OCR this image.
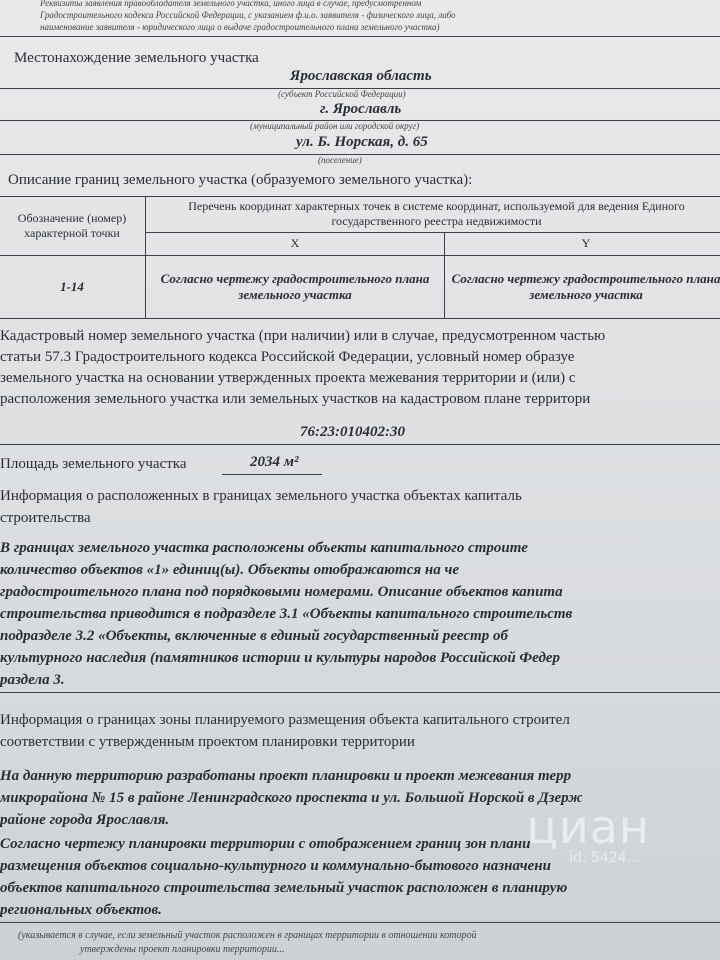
Реквизиты заявления правообладателя земельного участка, иного лица в случае, предусмотренном
Градостроительного кодекса Российской Федерации, с указанием ф.и.о. заявителя - физического лица, либо
наименование заявителя - юридического лица о выдаче градостроительного плана земельного участка)
Местонахождение земельного участка
Ярославская область
(субъект Российской Федерации)
г. Ярославль
(муниципальный район или городской округ)
ул. Б. Норская, д. 65
(поселение)
Описание границ земельного участка (образуемого земельного участка):
Обозначение (номер) характерной точки	Перечень координат характерных точек в системе координат, используемой для ведения Единого государственного реестра недвижимости	
	X	Y
1-14	Согласно чертежу градостроительного плана земельного участка	Согласно чертежу градостроительного плана земельного участка
Кадастровый номер земельного участка (при наличии) или в случае, предусмотренном частью
статьи 57.3 Градостроительного кодекса Российской Федерации, условный номер образуе
земельного участка на основании утвержденных проекта межевания территории и (или) с
расположения земельного участка или земельных участков на кадастровом плане территори
76:23:010402:30
Площадь земельного участка	2034 м²
Информация о расположенных в границах земельного участка объектах капиталь
строительства
В границах земельного участка расположены объекты капитального строите
количество объектов «1» единиц(ы). Объекты отображаются на че
градостроительного плана под порядковыми номерами. Описание объектов капита
строительства приводится в подразделе 3.1 «Объекты капитального строительств
подразделе 3.2 «Объекты, включенные в единый государственный реестр об
культурного наследия (памятников истории и культуры народов Российской Федер
раздела 3.
Информация о границах зоны планируемого размещения объекта капитального строител
соответствии с утвержденным проектом планировки территории
На данную территорию разработаны проект планировки и проект межевания терр
микрорайона № 15 в районе Ленинградского проспекта и ул. Большой Норской в Дзерж
районе города Ярославля.
Согласно чертежу планировки территории с отображением границ зон плани
размещения объектов социально-культурного и коммунально-бытового назначени
объектов капитального строительства земельный участок расположен в планирую
региональных объектов.
(указывается в случае, если земельный участок расположен в границах территории в отношении которой
утверждены проект планировки территории...
циан
id: 5424...
